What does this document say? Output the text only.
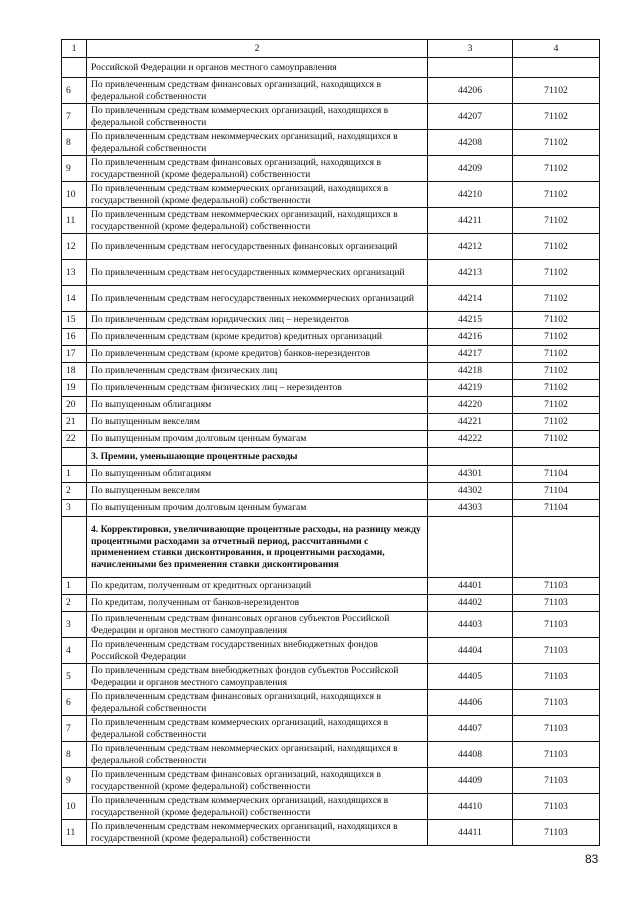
1	2	3	4
	Российской Федерации и органов местного самоуправления		
6	По привлеченным средствам финансовых организаций, находящихся в федеральной собственности	44206	71102
7	По привлеченным средствам коммерческих организаций, находящихся в федеральной собственности	44207	71102
8	По привлеченным средствам некоммерческих организаций, находящихся в федеральной собственности	44208	71102
9	По привлеченным средствам финансовых организаций, находящихся в государственной (кроме федеральной) собственности	44209	71102
10	По привлеченным средствам коммерческих организаций, находящихся в государственной (кроме федеральной) собственности	44210	71102
11	По привлеченным средствам некоммерческих организаций, находящихся в государственной (кроме федеральной) собственности	44211	71102
12	По привлеченным средствам негосударственных финансовых организаций	44212	71102
13	По привлеченным средствам негосударственных коммерческих организаций	44213	71102
14	По привлеченным средствам негосударственных некоммерческих организаций	44214	71102
15	По привлеченным средствам юридических лиц – нерезидентов	44215	71102
16	По привлеченным средствам (кроме кредитов) кредитных организаций	44216	71102
17	По привлеченным средствам (кроме кредитов) банков-нерезидентов	44217	71102
18	По привлеченным средствам физических лиц	44218	71102
19	По привлеченным средствам физических лиц – нерезидентов	44219	71102
20	По выпущенным облигациям	44220	71102
21	По выпущенным векселям	44221	71102
22	По выпущенным прочим долговым ценным бумагам	44222	71102
	3. Премии, уменьшающие процентные расходы		
1	По выпущенным облигациям	44301	71104
2	По выпущенным векселям	44302	71104
3	По выпущенным прочим долговым ценным бумагам	44303	71104
	4. Корректировки, увеличивающие процентные расходы, на разницу между процентными расходами за отчетный период, рассчитанными с применением ставки дисконтирования, и процентными расходами, начисленными без применения ставки дисконтирования		
1	По кредитам, полученным от кредитных организаций	44401	71103
2	По кредитам, полученным от банков-нерезидентов	44402	71103
3	По привлеченным средствам финансовых органов субъектов Российской Федерации и органов местного самоуправления	44403	71103
4	По привлеченным средствам государственных внебюджетных фондов Российской Федерации	44404	71103
5	По привлеченным средствам внебюджетных фондов субъектов Российской Федерации и органов местного самоуправления	44405	71103
6	По привлеченным средствам финансовых организаций, находящихся в федеральной собственности	44406	71103
7	По привлеченным средствам коммерческих организаций, находящихся в федеральной собственности	44407	71103
8	По привлеченным средствам некоммерческих организаций, находящихся в федеральной собственности	44408	71103
9	По привлеченным средствам финансовых организаций, находящихся в государственной (кроме федеральной) собственности	44409	71103
10	По привлеченным средствам коммерческих организаций, находящихся в государственной (кроме федеральной) собственности	44410	71103
11	По привлеченным средствам некоммерческих организаций, находящихся в государственной (кроме федеральной) собственности	44411	71103
83
